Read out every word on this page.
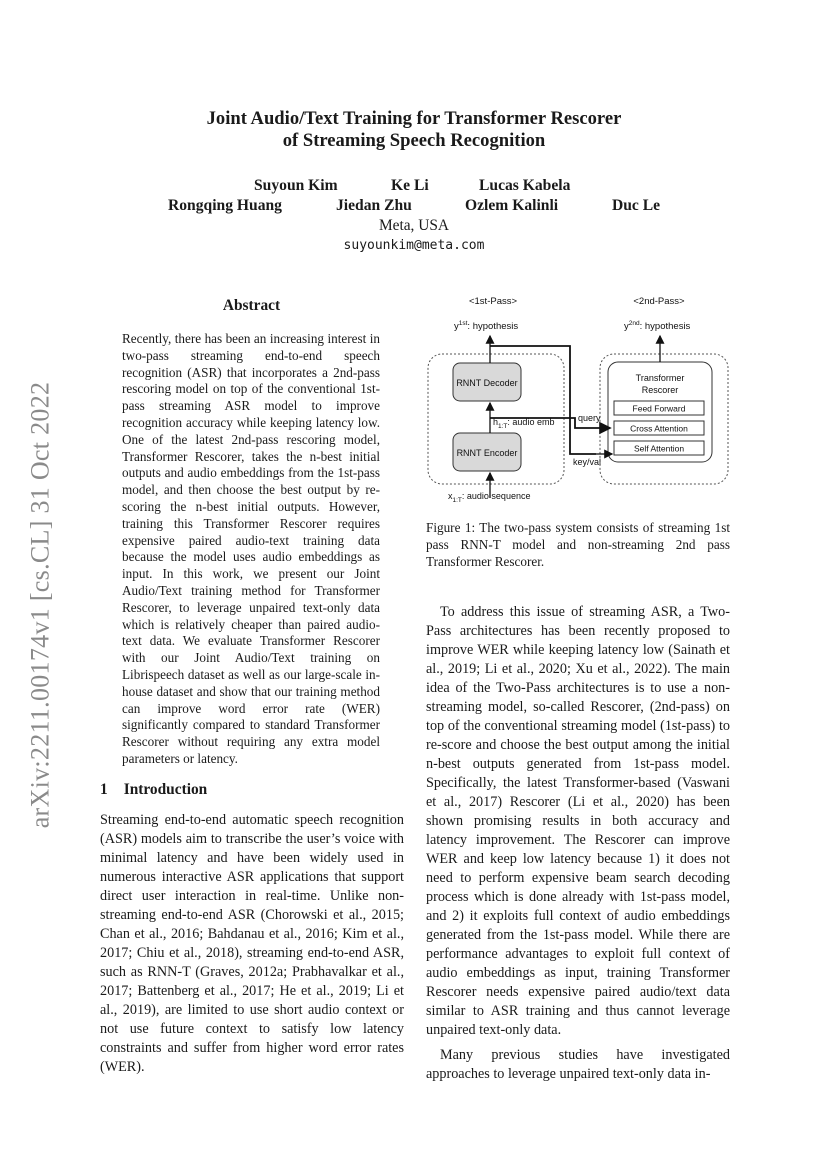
arXiv:2211.00174v1 [cs.CL] 31 Oct 2022
Joint Audio/Text Training for Transformer Rescorer
of Streaming Speech Recognition
Suyoun Kim	Ke Li	Lucas Kabela
Rongqing Huang	Jiedan Zhu	Ozlem Kalinli	Duc Le
Meta, USA
suyounkim@meta.com
Abstract
Recently, there has been an increasing interest in two-pass streaming end-to-end speech recognition (ASR) that incorporates a 2nd-pass rescoring model on top of the conventional 1st-pass streaming ASR model to improve recognition accuracy while keeping latency low. One of the latest 2nd-pass rescoring model, Transformer Rescorer, takes the n-best initial outputs and audio embeddings from the 1st-pass model, and then choose the best output by re-scoring the n-best initial outputs. However, training this Transformer Rescorer requires expensive paired audio-text training data because the model uses audio embeddings as input. In this work, we present our Joint Audio/Text training method for Transformer Rescorer, to leverage unpaired text-only data which is relatively cheaper than paired audio-text data. We evaluate Transformer Rescorer with our Joint Audio/Text training on Librispeech dataset as well as our large-scale in-house dataset and show that our training method can improve word error rate (WER) significantly compared to standard Transformer Rescorer without requiring any extra model parameters or latency.
1 Introduction
Streaming end-to-end automatic speech recognition (ASR) models aim to transcribe the user’s voice with minimal latency and have been widely used in numerous interactive ASR applications that support direct user interaction in real-time. Unlike non-streaming end-to-end ASR (Chorowski et al., 2015; Chan et al., 2016; Bahdanau et al., 2016; Kim et al., 2017; Chiu et al., 2018), streaming end-to-end ASR, such as RNN-T (Graves, 2012a; Prabhavalkar et al., 2017; Battenberg et al., 2017; He et al., 2019; Li et al., 2019), are limited to use short audio context or not use future context to satisfy low latency constraints and suffer from higher word error rates (WER).
<1st-Pass>	<2nd-Pass>
$y^{1st}$: hypothesis	$y^{2nd}$: hypothesis
RNNT Decoder
RNNT Encoder
Transformer
Rescorer
Feed Forward
Cross Attention
Self Attention
$h_{1:T}$: audio emb	query
key/val
$x_{1:T}$: audio sequence
Figure 1: The two-pass system consists of streaming 1st pass RNN-T model and non-streaming 2nd pass Transformer Rescorer.

To address this issue of streaming ASR, a Two-Pass architectures has been recently proposed to improve WER while keeping latency low (Sainath et al., 2019; Li et al., 2020; Xu et al., 2022). The main idea of the Two-Pass architectures is to use a non-streaming model, so-called Rescorer, (2nd-pass) on top of the conventional streaming model (1st-pass) to re-score and choose the best output among the initial n-best outputs generated from 1st-pass model. Specifically, the latest Transformer-based (Vaswani et al., 2017) Rescorer (Li et al., 2020) has been shown promising results in both accuracy and latency improvement. The Rescorer can improve WER and keep low latency because 1) it does not need to perform expensive beam search decoding process which is done already with 1st-pass model, and 2) it exploits full context of audio embeddings generated from the 1st-pass model. While there are performance advantages to exploit full context of audio embeddings as input, training Transformer Rescorer needs expensive paired audio/text data similar to ASR training and thus cannot leverage unpaired text-only data.

Many previous studies have investigated approaches to leverage unpaired text-only data in-
